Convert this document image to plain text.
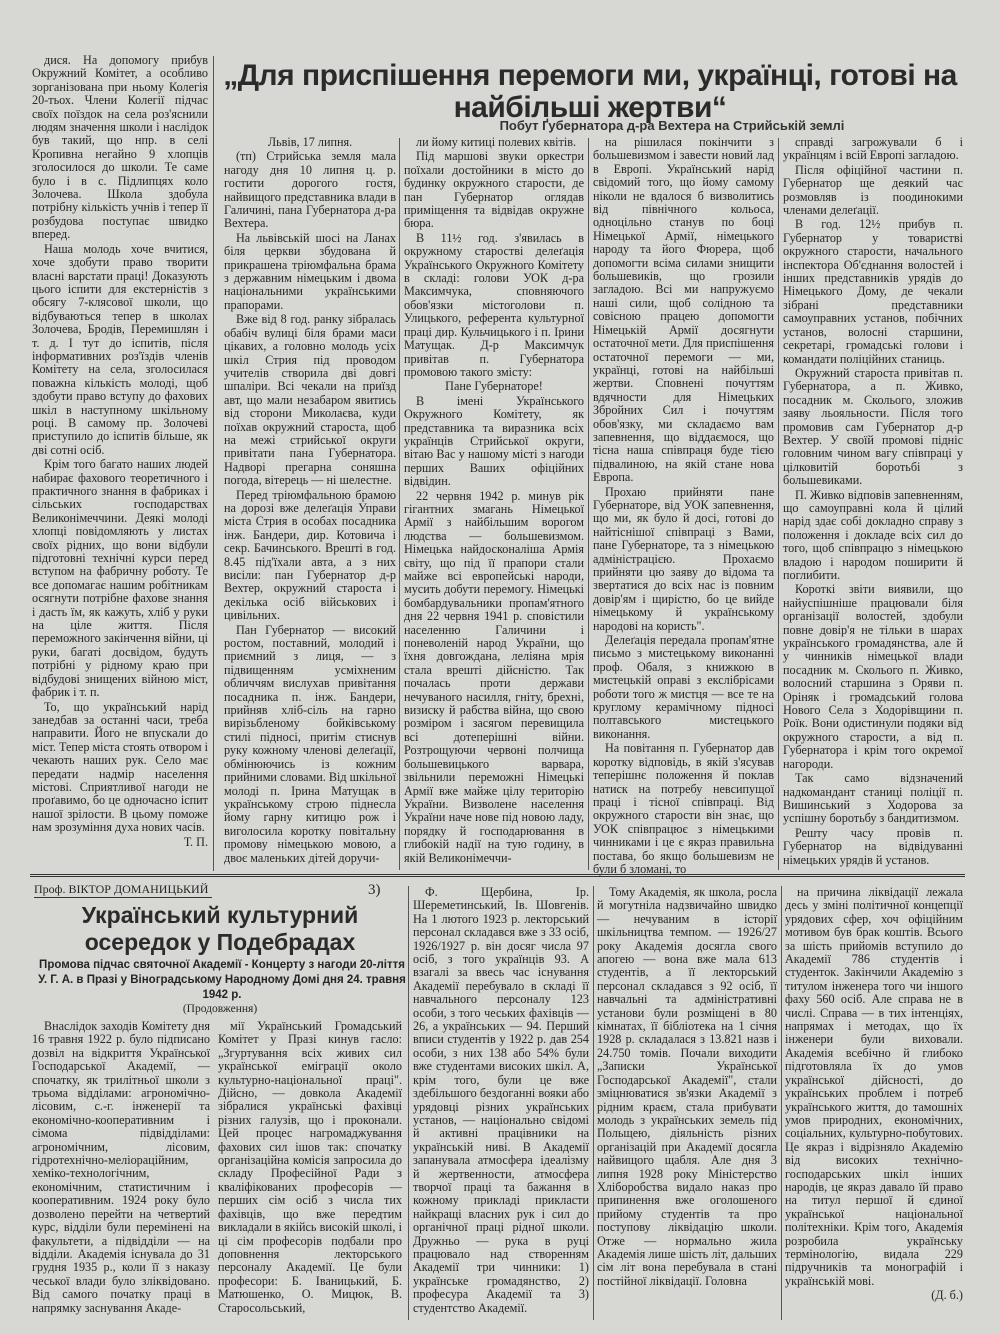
дися. На допомогу прибув Окружний Комітет, а особливо зорганізована при ньому Колегія 20-тьох. Члени Колегії підчас своїх поїздок на села роз'яснили людям значення школи і наслідок був такий, що нпр. в селі Кропивна негайно 9 хлопців зголосилося до школи. Те саме було і в с. Підлипцях коло Золочева. Школа здобула потрібну кількість учнів і тепер її розбудова поступає швидко вперед.

Наша молодь хоче вчитися, хоче здобути право творити власні варстати праці! Доказують цього іспити для екстерністів з обсягу 7-клясової школи, що відбуваються тепер в школах Золочева, Бродів, Перемишлян і т. д. І тут до іспитів, після інформативних роз'їздів членів Комітету на села, зголосилася поважна кількість молоді, щоб здобути право вступу до фахових шкіл в наступному шкільному році. В самому пр. Золочеві приступило до іспитів більше, як дві сотні осіб.

Крім того багато наших людей набирає фахового теоретичного і практичного знання в фабриках і сільських господарствах Великонімеччини. Деякі молоді хлопці повідомляють у листах своїх рідних, що вони відбули підготовні технічні курси перед вступом на фабричну роботу. Те все допомагає нашим робітникам осягнути потрібне фахове знання і дасть їм, як кажуть, хліб у руки на ціле життя. Після переможного закінчення війни, ці руки, багаті досвідом, будуть потрібні у рідному краю при відбудові знищених війною міст, фабрик і т. п.

То, що український нарід занедбав за останні часи, треба направити. Його не впускали до міст. Тепер міста стоять отвором і чекають наших рук. Село має передати надмір населення містові. Сприятливої нагоди не проґавимо, бо це одночасно іспит нашої зрілости. В цьому поможе нам зрозуміння духа нових часів.

Т. П.

„Для приспішення перемоги ми, українці, готові на найбільші жертви“
Побут Ґубернатора д-ра Вехтера на Стрийській землі

Львів, 17 липня.

(тп) Стрийська земля мала нагоду дня 10 липня ц. р. гостити дорогого гостя, найвищого представника влади в Галичині, пана Губернатора д-ра Вехтера.

На львівській шосі на Ланах біля церкви збудована й прикрашена тріюмфальна брама з державним німецьким і двома національними українськими прапорами.

Вже від 8 год. ранку зібралась обабіч вулиці біля брами маси цікавих, а головно молодь усіх шкіл Стрия під проводом учителів створила дві довгі шпаліри. Всі чекали на приїзд авт, що мали незабаром явитись від сторони Миколаєва, куди поїхав окружний староста, щоб на межі стрийської округи привітати пана Губернатора. Надворі прегарна соняшна погода, вітерець — ні шелестне.

Перед тріюмфальною брамою на дорозі вже делеґація Управи міста Стрия в особах посадника інж. Бандери, дир. Котовича і секр. Бачинського. Врешті в год. 8.45 під'їхали авта, а з них висіли: пан Губернатор д-р Вехтер, окружний староста і декілька осіб військових і цивільних.

Пан Губернатор — високий ростом, поставний, молодий і приємний з лиця, — з підвищенням усміхненим обличчям вислухав привітання посадника п. інж. Бандери, прийняв хліб-сіль на гарно вирізьбленому бойківському стилі підносі, притім стиснув руку кожному членові делеґації, обмінюючись із кожним прийними словами. Від шкільної молоді п. Ірина Матущак в українському строю піднесла йому гарну китицю рож і виголосила коротку повітальну промову німецькою мовою, а двоє маленьких дітей доручи-

ли йому китиці полевих квітів.

Під маршові звуки оркестри поїхали достойники в місто до будинку окружного старости, де пан Губернатор оглядав приміщення та відвідав окружне бюра.

В 11½ год. з'явилась в окружному старостві делеґація Українського Окружного Комітету в складі: голови УОК д-ра Максимчука, сповняючого обов'язки містоголови п. Улицького, референта культурної праці дир. Кульчицького і п. Ірини Матущак. Д-р Максимчук привітав п. Губернатора промовою такого змісту:

Пане Губернаторе!

В імені Українського Окружного Комітету, як представника та виразника всіх українців Стрийської округи, вітаю Вас у нашому місті з нагоди перших Ваших офіційних відвідин.

22 червня 1942 р. минув рік гігантних змагань Німецької Армії з найбільшим ворогом людства — большевизмом. Німецька найдосконаліша Армія світу, що під її прапори стали майже всі европейські народи, мусить добути перемогу. Німецькі бомбардувальники пропам'ятного дня 22 червня 1941 р. сповістили населенню Галичини і поневоленій народ України, що їхня довгождана, леліяна мрія стала врешті дійсністю. Так почалась проти держави нечуваного насилля, гніту, брехні, визиску й рабства війна, що свою розміром і засягом перевищила всі дотеперішні війни. Розтрощуючи червоні полчища большевицького варвара, звільнили переможні Німецькі Армії вже майже цілу територію України. Визволене населення України наче нове під новою ладу, порядку й господарювання в глибокій надії на тую годину, в якій Великонімеччи-

на рішилася покінчити з большевизмом і завести новий лад в Европі. Український нарід свідомий того, що йому самому ніколи не вдалося б визволитись від північного кольоса, одноцільно станув по боці Німецької Армії, німецького народу та його Фюрера, щоб допомогти всіма силами знищити большевиків, що грозили загладою. Всі ми напружуємо наші сили, щоб солідною та совісною працею допомогти Німецькій Армії досягнути остаточної мети. Для приспішення остаточної перемоги — ми, українці, готові на найбільші жертви. Сповнені почуттям вдячности для Німецьких Збройних Сил і почуттям обов'язку, ми складаємо вам запевнення, що віддаємося, що тісна наша співпраця буде тією підвалиною, на якій стане нова Европа.

Прохаю прийняти пане Губернаторе, від УОК запевнення, що ми, як було й досі, готові до найтіснішої співпраці з Вами, пане Губернаторе, та з німецькою адміністрацією. Прохаємо прийняти цю заяву до відома та звертатися до всіх нас із повним довір'ям і щирістю, бо це вийде німецькому й українському народові на користь".

Делеґація передала пропам'ятне письмо з мистецькому виконанні проф. Обаля, з книжкою в мистецькій оправі з екслібрісами роботи того ж мистця — все те на круглому керамічному підносі полтавського мистецького виконання.

На повітання п. Губернатор дав коротку відповідь, в якій з'ясував теперішнє положення й поклав натиск на потребу невсипущої праці і тісної співпраці. Від окружного старости він знає, що УОК співпрацює з німецькими чинниками і це є якраз правильна постава, бо якщо большевизм не були б зломані, то

справді загрожували б і українцям і всій Европі загладою.

Після офіційної частини п. Губернатор ще деякий час розмовляв із поодинокими членами делеґації.

В год. 12½ прибув п. Губернатор у товаристві окружного старости, начального інспектора Об'єднання волостей і інших представників урядів до Німецького Дому, де чекали зібрані представники самоуправних установ, побічних установ, волосні старшини, секретарі, громадські голови і командати поліційних станиць.

Окружний староста привітав п. Губернатора, а п. Живко, посадник м. Сколього, зложив заяву льояльности. Після того промовив сам Губернатор д-р Вехтер. У своїй промові підніс головним чином вагу співпраці у цілковитій боротьбі з большевиками.

П. Живко відповів запевненням, що самоуправні кола й цілий нарід здає собі докладно справу з положення і докладе всіх сил до того, щоб співпрацю з німецькою владою і народом поширити й поглибити.

Короткі звіти виявили, що найуспішніше працювали біля організації волостей, здобули повне довір'я не тільки в шарах українського громадянства, але й у чинників німецької влади посадник м. Сколього п. Живко, волосний старшина з Оряви п. Оріняк і громадський голова Нового Села з Ходорівщини п. Роїк. Вони одистинули подяки від окружного старости, а від п. Губернатора і крім того окремої нагороди.

Так само відзначений надкомандант станиці поліції п. Вишинський з Ходорова за успішну боротьбу з бандитизмом.

Решту часу провів п. Губернатор на відвідуванні німецьких урядів й установ.

Проф. ВІКТОР ДОМАНИЦЬКИЙ	3)
Український культурний осередок у Подебрадах
Промова підчас святочної Академії - Концерту з нагоди 20-ліття У. Г. А. в Празі у Віноградському Народному Домі дня 24. травня 1942 р.
(Продовження)

Внаслідок заходів Комітету дня 16 травня 1922 р. було підписано дозвіл на відкриття Української Господарської Академії, — спочатку, як трилітньої школи з трьома відділами: агрономічно-лісовим, с.-г. інженерії та економічно-кооперативним і сімома підвідділами: агрономічним, лісовим, гідротехнічно-меліораційним, хеміко-технологічним, економічним, статистичним і кооперативним. 1924 року було дозволено перейти на четвертий курс, відділи були перемінені на факультети, а підвідділи — на відділи. Академія існувала до 31 грудня 1935 р., коли її з наказу чеської влади було зліквідовано. Від самого початку праці в напрямку заснування Акаде-

мії Український Громадський Комітет у Празі кинув гасло: „Згуртування всіх живих сил української еміграції около культурно-національної праці". Дійсно, — довкола Академії зібралися українські фахівці різних галузів, що і проконали. Цей процес нагромаджування фахових сил ішов так: спочатку організаційна комісія запросила до складу Професійної Ради з кваліфікованих професорів — перших сім осіб з числа тих фахівців, що вже передтим викладали в якійсь високій школі, і ці сім професорів подбали про доповнення лекторського персоналу Академії. Це були професори: Б. Іваницький, Б. Матюшенко, О. Мицюк, В. Старосольський,

Ф. Щербина, Ір. Шереметинський, Ів. Шовгенів. На 1 лютого 1923 р. лекторський персонал складався вже з 33 осіб, 1926/1927 р. він досяг числа 97 осіб, з того українців 93. А взагалі за ввесь час існування Академії перебувало в складі її навчального персоналу 123 особи, з того чеських фахівців — 26, а українських — 94. Перший вписи студентів у 1922 р. дав 254 особи, з них 138 або 54% були вже студентами високих шкіл. А, крім того, були це вже здебільшого бездоганні вояки або урядовці різних українських установ, — національно свідомі й активні працівники на українській ниві. В Академії запанувала атмосфера ідеалізму й жертвенности, атмосфера творчої праці та бажання в кожному прикладі прикласти найкращі власних рук і сил до органічної праці рідної школи. Дружньо — рука в руці працювало над створенням Академії три чинники: 1) українське громадянство, 2) професура Академії та 3) студентство Академії.

Тому Академія, як школа, росла й могутніла надзвичайно швидко — нечуваним в історії шкільництва темпом. — 1926/27 року Академія досягла свого апогею — вона вже мала 613 студентів, а її лекторський персонал складався з 92 осіб, її навчальні та адміністративні установи були розміщені в 80 кімнатах, її бібліотека на 1 січня 1928 р. складалася з 13.821 назв і 24.750 томів. Почали виходити „Записки Української Господарської Академії", стали зміцнюватися зв'язки Академії з рідним краєм, стала прибувати молодь з українських земель під Польщею, діяльність різних організацій при Академії досягла найвищого щабля. Але дня 3 липня 1928 року Міністерство Хліборобства видало наказ про припинення вже оголошеного прийому студентів та про поступову ліквідацію школи. Отже — нормально жила Академія лише шість літ, дальших сім літ вона перебувала в стані постійної ліквідації. Головна

на причина ліквідації лежала десь у зміні політичної концепції урядових сфер, хоч офіційним мотивом був брак коштів. Всього за шість прийомів вступило до Академії 786 студентів і студенток. Закінчили Академію з титулом інженера того чи іншого фаху 560 осіб. Але справа не в числі. Справа — в тих інтенціях, напрямах і методах, що їх інженери були виховали. Академія всебічно й глибоко підготовляла їх до умов української дійсності, до українських проблем і потреб українського життя, до тамошніх умов природних, економічних, соціальних, культурно-побутових. Це якраз і відрізняло Академію від високих технічно-господарських шкіл інших народів, це якраз давало їй право на титул першої й єдиної української національної політехніки. Крім того, Академія розробила українську термінологію, видала 229 підручників та монографій і українській мові.

(Д. б.)
